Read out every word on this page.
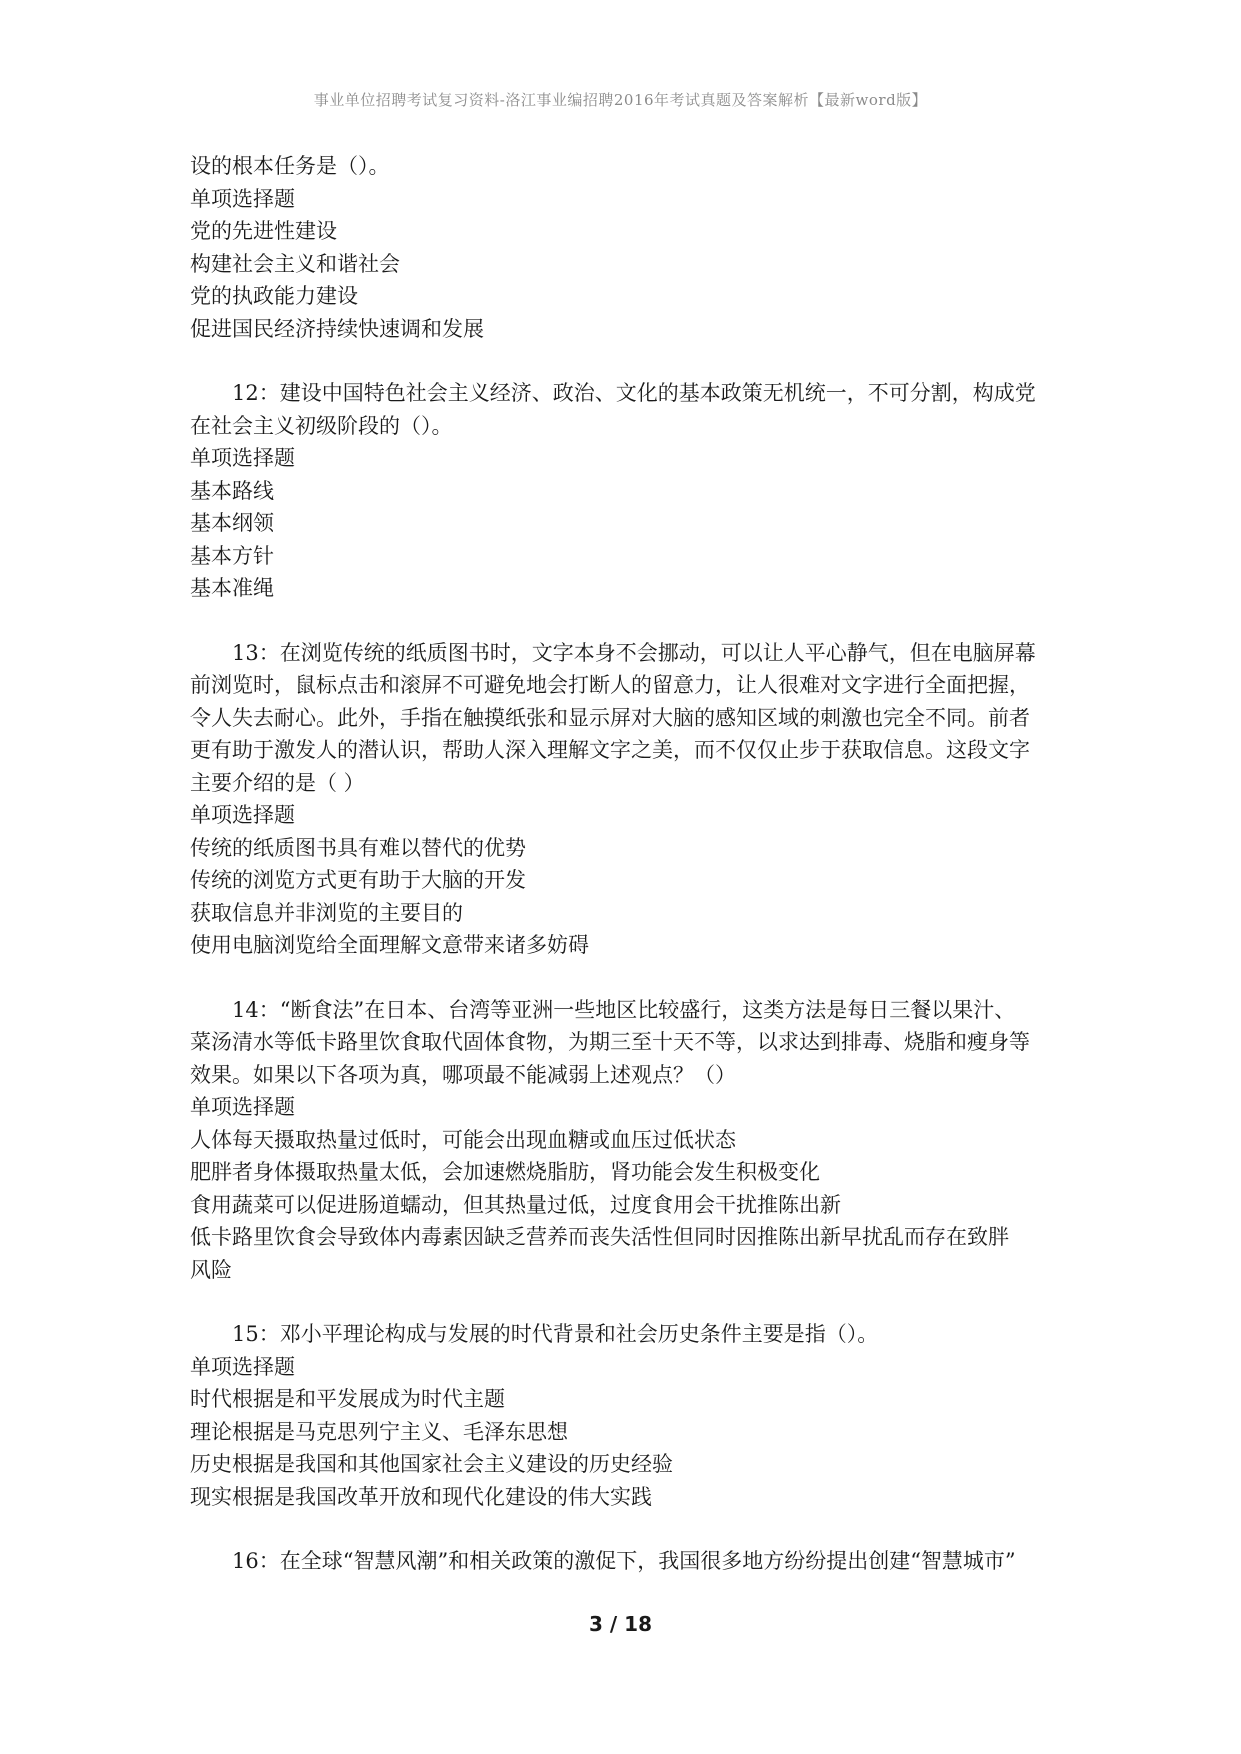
事业单位招聘考试复习资料-洛江事业编招聘2016年考试真题及答案解析【最新word版】
设的根本任务是（）。
单项选择题
党的先进性建设
构建社会主义和谐社会
党的执政能力建设
促进国民经济持续快速调和发展
12：建设中国特色社会主义经济、政治、文化的基本政策无机统一，不可分割，构成党
在社会主义初级阶段的（）。
单项选择题
基本路线
基本纲领
基本方针
基本准绳
13：在浏览传统的纸质图书时，文字本身不会挪动，可以让人平心静气，但在电脑屏幕
前浏览时，鼠标点击和滚屏不可避免地会打断人的留意力，让人很难对文字进行全面把握，
令人失去耐心。此外，手指在触摸纸张和显示屏对大脑的感知区域的刺激也完全不同。前者
更有助于激发人的潜认识，帮助人深入理解文字之美，而不仅仅止步于获取信息。这段文字
主要介绍的是（ ）
单项选择题
传统的纸质图书具有难以替代的优势
传统的浏览方式更有助于大脑的开发
获取信息并非浏览的主要目的
使用电脑浏览给全面理解文意带来诸多妨碍
14：“断食法”在日本、台湾等亚洲一些地区比较盛行，这类方法是每日三餐以果汁、
菜汤清水等低卡路里饮食取代固体食物，为期三至十天不等，以求达到排毒、烧脂和瘦身等
效果。如果以下各项为真，哪项最不能减弱上述观点？（）
单项选择题
人体每天摄取热量过低时，可能会出现血糖或血压过低状态
肥胖者身体摄取热量太低，会加速燃烧脂肪，肾功能会发生积极变化
食用蔬菜可以促进肠道蠕动，但其热量过低，过度食用会干扰推陈出新
低卡路里饮食会导致体内毒素因缺乏营养而丧失活性但同时因推陈出新早扰乱而存在致胖
风险
15：邓小平理论构成与发展的时代背景和社会历史条件主要是指（）。
单项选择题
时代根据是和平发展成为时代主题
理论根据是马克思列宁主义、毛泽东思想
历史根据是我国和其他国家社会主义建设的历史经验
现实根据是我国改革开放和现代化建设的伟大实践
16：在全球“智慧风潮”和相关政策的激促下，我国很多地方纷纷提出创建“智慧城市”
3 / 18
